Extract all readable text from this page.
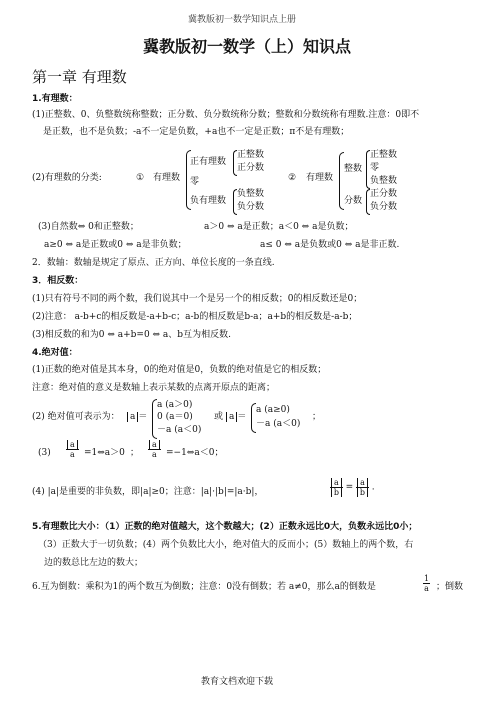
冀教版初一数学知识点上册
冀教版初一数学（上）知识点
第一章 有理数
1.有理数：
(1)正整数、0、负整数统称整数；正分数、负分数统称分数；整数和分数统称有理数.注意：0即不
是正数，也不是负数；-a不一定是负数，+a也不一定是正数；π不是有理数；
(2)有理数的分类:	① 有理数
正有理数
正整数
正分数
零
负有理数
负整数
负分数
② 有理数
整数
正整数
零
负整数
分数
正分数
负分数
(3)自然数⇔ 0和正整数；	a＞0 ⇔ a是正数；a＜0 ⇔ a是负数；
a≥0 ⇔ a是正数或0 ⇔ a是非负数；	a≤ 0 ⇔ a是负数或0 ⇔ a是非正数.
2．数轴：数轴是规定了原点、正方向、单位长度的一条直线.
3．相反数：
(1)只有符号不同的两个数，我们说其中一个是另一个的相反数；0的相反数还是0；
(2)注意： a-b+c的相反数是-a+b-c；a-b的相反数是b-a；a+b的相反数是-a-b；
(3)相反数的和为0 ⇔ a+b=0 ⇔ a、b互为相反数.
4.绝对值：
(1)正数的绝对值是其本身，0的绝对值是0，负数的绝对值是它的相反数；
注意：绝对值的意义是数轴上表示某数的点离开原点的距离；
(2) 绝对值可表示为：	a ＝
a (a＞0)
0 (a＝0)
－a (a＜0)
或 a ＝
a (a≥0)
－a (a＜0)
；
$(3) \frac{a}{a}$ =1⇔a＞0 ； $\frac{a}{a}$ =−1⇔a＜0；
(4) |a|是重要的非负数，即|a|≥0；注意：|a|·|b|=|a·b|，	$\frac{a}{b} = \frac{a}{b}$ .
5.有理数比大小：（1）正数的绝对值越大，这个数越大；(2）正数永远比0大，负数永远比0小；
（3）正数大于一切负数；(4）两个负数比大小，绝对值大的反而小；(5）数轴上的两个数，右
边的数总比左边的数大；
6.互为倒数：乘积为1的两个数互为倒数；注意：0没有倒数；若 a≠0，那么a的倒数是	$\frac{1}{a}$ ；倒数
教育文档欢迎下载
